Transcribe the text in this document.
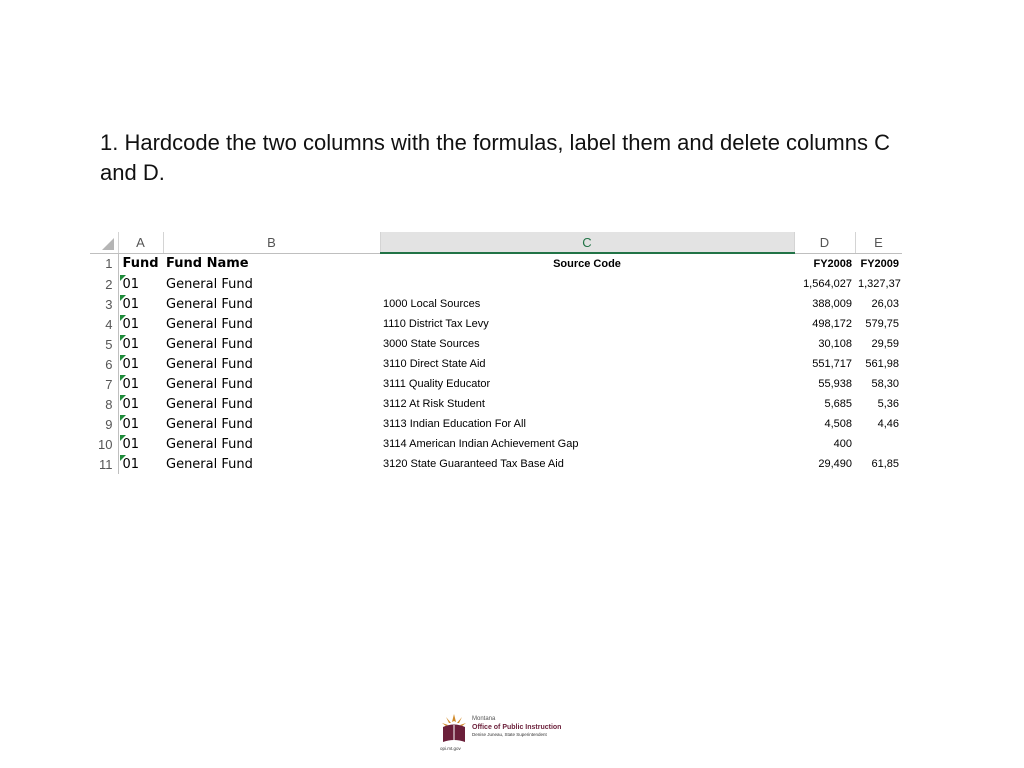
1. Hardcode the two columns with the formulas, label them and delete columns C and D.

	A	B	C	D	E
1	Fund	Fund Name	Source Code	FY2008	FY2009
2	01	General Fund		1,564,027	1,327,37
3	01	General Fund	1000 Local Sources	388,009	26,03
4	01	General Fund	1110 District Tax Levy	498,172	579,75
5	01	General Fund	3000 State Sources	30,108	29,59
6	01	General Fund	3110 Direct State Aid	551,717	561,98
7	01	General Fund	3111 Quality Educator	55,938	58,30
8	01	General Fund	3112 At Risk Student	5,685	5,36
9	01	General Fund	3113 Indian Education For All	4,508	4,46
10	01	General Fund	3114 American Indian Achievement Gap	400	
11	01	General Fund	3120 State Guaranteed Tax Base Aid	29,490	61,85
Montana
Office of Public Instruction
Denise Juneau, State Superintendent
opi.mt.gov
